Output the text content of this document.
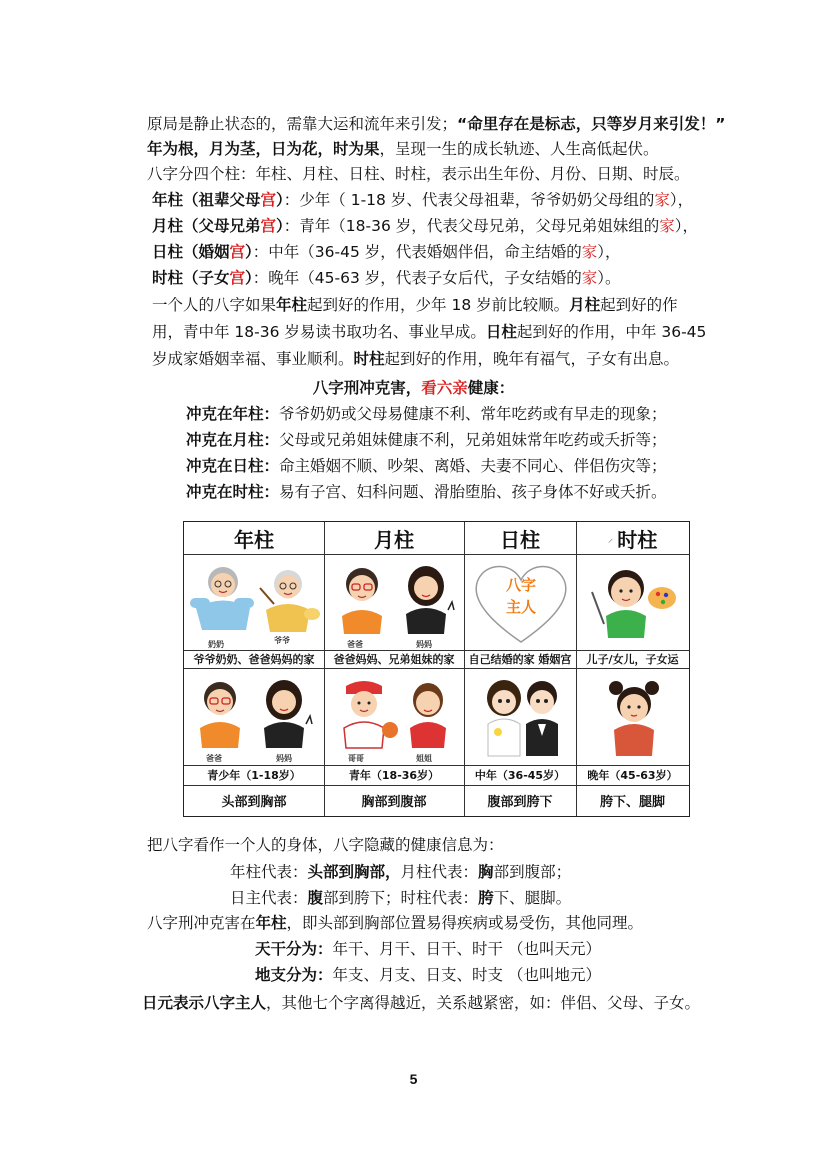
原局是静止状态的，需靠大运和流年来引发；“命里存在是标志，只等岁月来引发！”
年为根，月为茎，日为花，时为果，呈现一生的成长轨迹、人生高低起伏。
八字分四个柱：年柱、月柱、日柱、时柱，表示出生年份、月份、日期、时辰。
年柱（祖辈父母宫）：少年（ 1-18 岁、代表父母祖辈，爷爷奶奶父母组的家），
月柱（父母兄弟宫）：青年（18-36 岁，代表父母兄弟，父母兄弟姐妹组的家），
日柱（婚姻宫）：中年（36-45 岁，代表婚姻伴侣，命主结婚的家），
时柱（子女宫）：晚年（45-63 岁，代表子女后代，子女结婚的家）。
一个人的八字如果年柱起到好的作用，少年 18 岁前比较顺。月柱起到好的作
用，青中年 18-36 岁易读书取功名、事业早成。日柱起到好的作用，中年 36-45
岁成家婚姻幸福、事业顺利。时柱起到好的作用，晚年有福气，子女有出息。
八字刑冲克害，看六亲健康：
冲克在年柱：爷爷奶奶或父母易健康不利、常年吃药或有早走的现象；
冲克在月柱：父母或兄弟姐妹健康不利，兄弟姐妹常年吃药或夭折等；
冲克在日柱：命主婚姻不顺、吵架、离婚、夫妻不同心、伴侣伤灾等；
冲克在时柱：易有子宫、妇科问题、滑胎堕胎、孩子身体不好或夭折。
年柱	月柱	日柱	⸝ 时柱
奶奶	爷爷	爸爸	妈妈
八字
主人
爷爷奶奶、爸爸妈妈的家	爸爸妈妈、兄弟姐妹的家	自己结婚的家 婚姻宫	儿子/女儿，子女运
爸爸	妈妈	哥哥	姐姐
青少年（1-18岁）	青年（18-36岁）	中年（36-45岁）	晚年（45-63岁）
头部到胸部	胸部到腹部	腹部到胯下	胯下、腿脚
把八字看作一个人的身体，八字隐藏的健康信息为：
年柱代表：头部到胸部，月柱代表：胸部到腹部；
日主代表：腹部到胯下；时柱代表：胯下、腿脚。
八字刑冲克害在年柱，即头部到胸部位置易得疾病或易受伤，其他同理。
天干分为：年干、月干、日干、时干 （也叫天元）
地支分为：年支、月支、日支、时支 （也叫地元）
日元表示八字主人，其他七个字离得越近，关系越紧密，如：伴侣、父母、子女。
5
